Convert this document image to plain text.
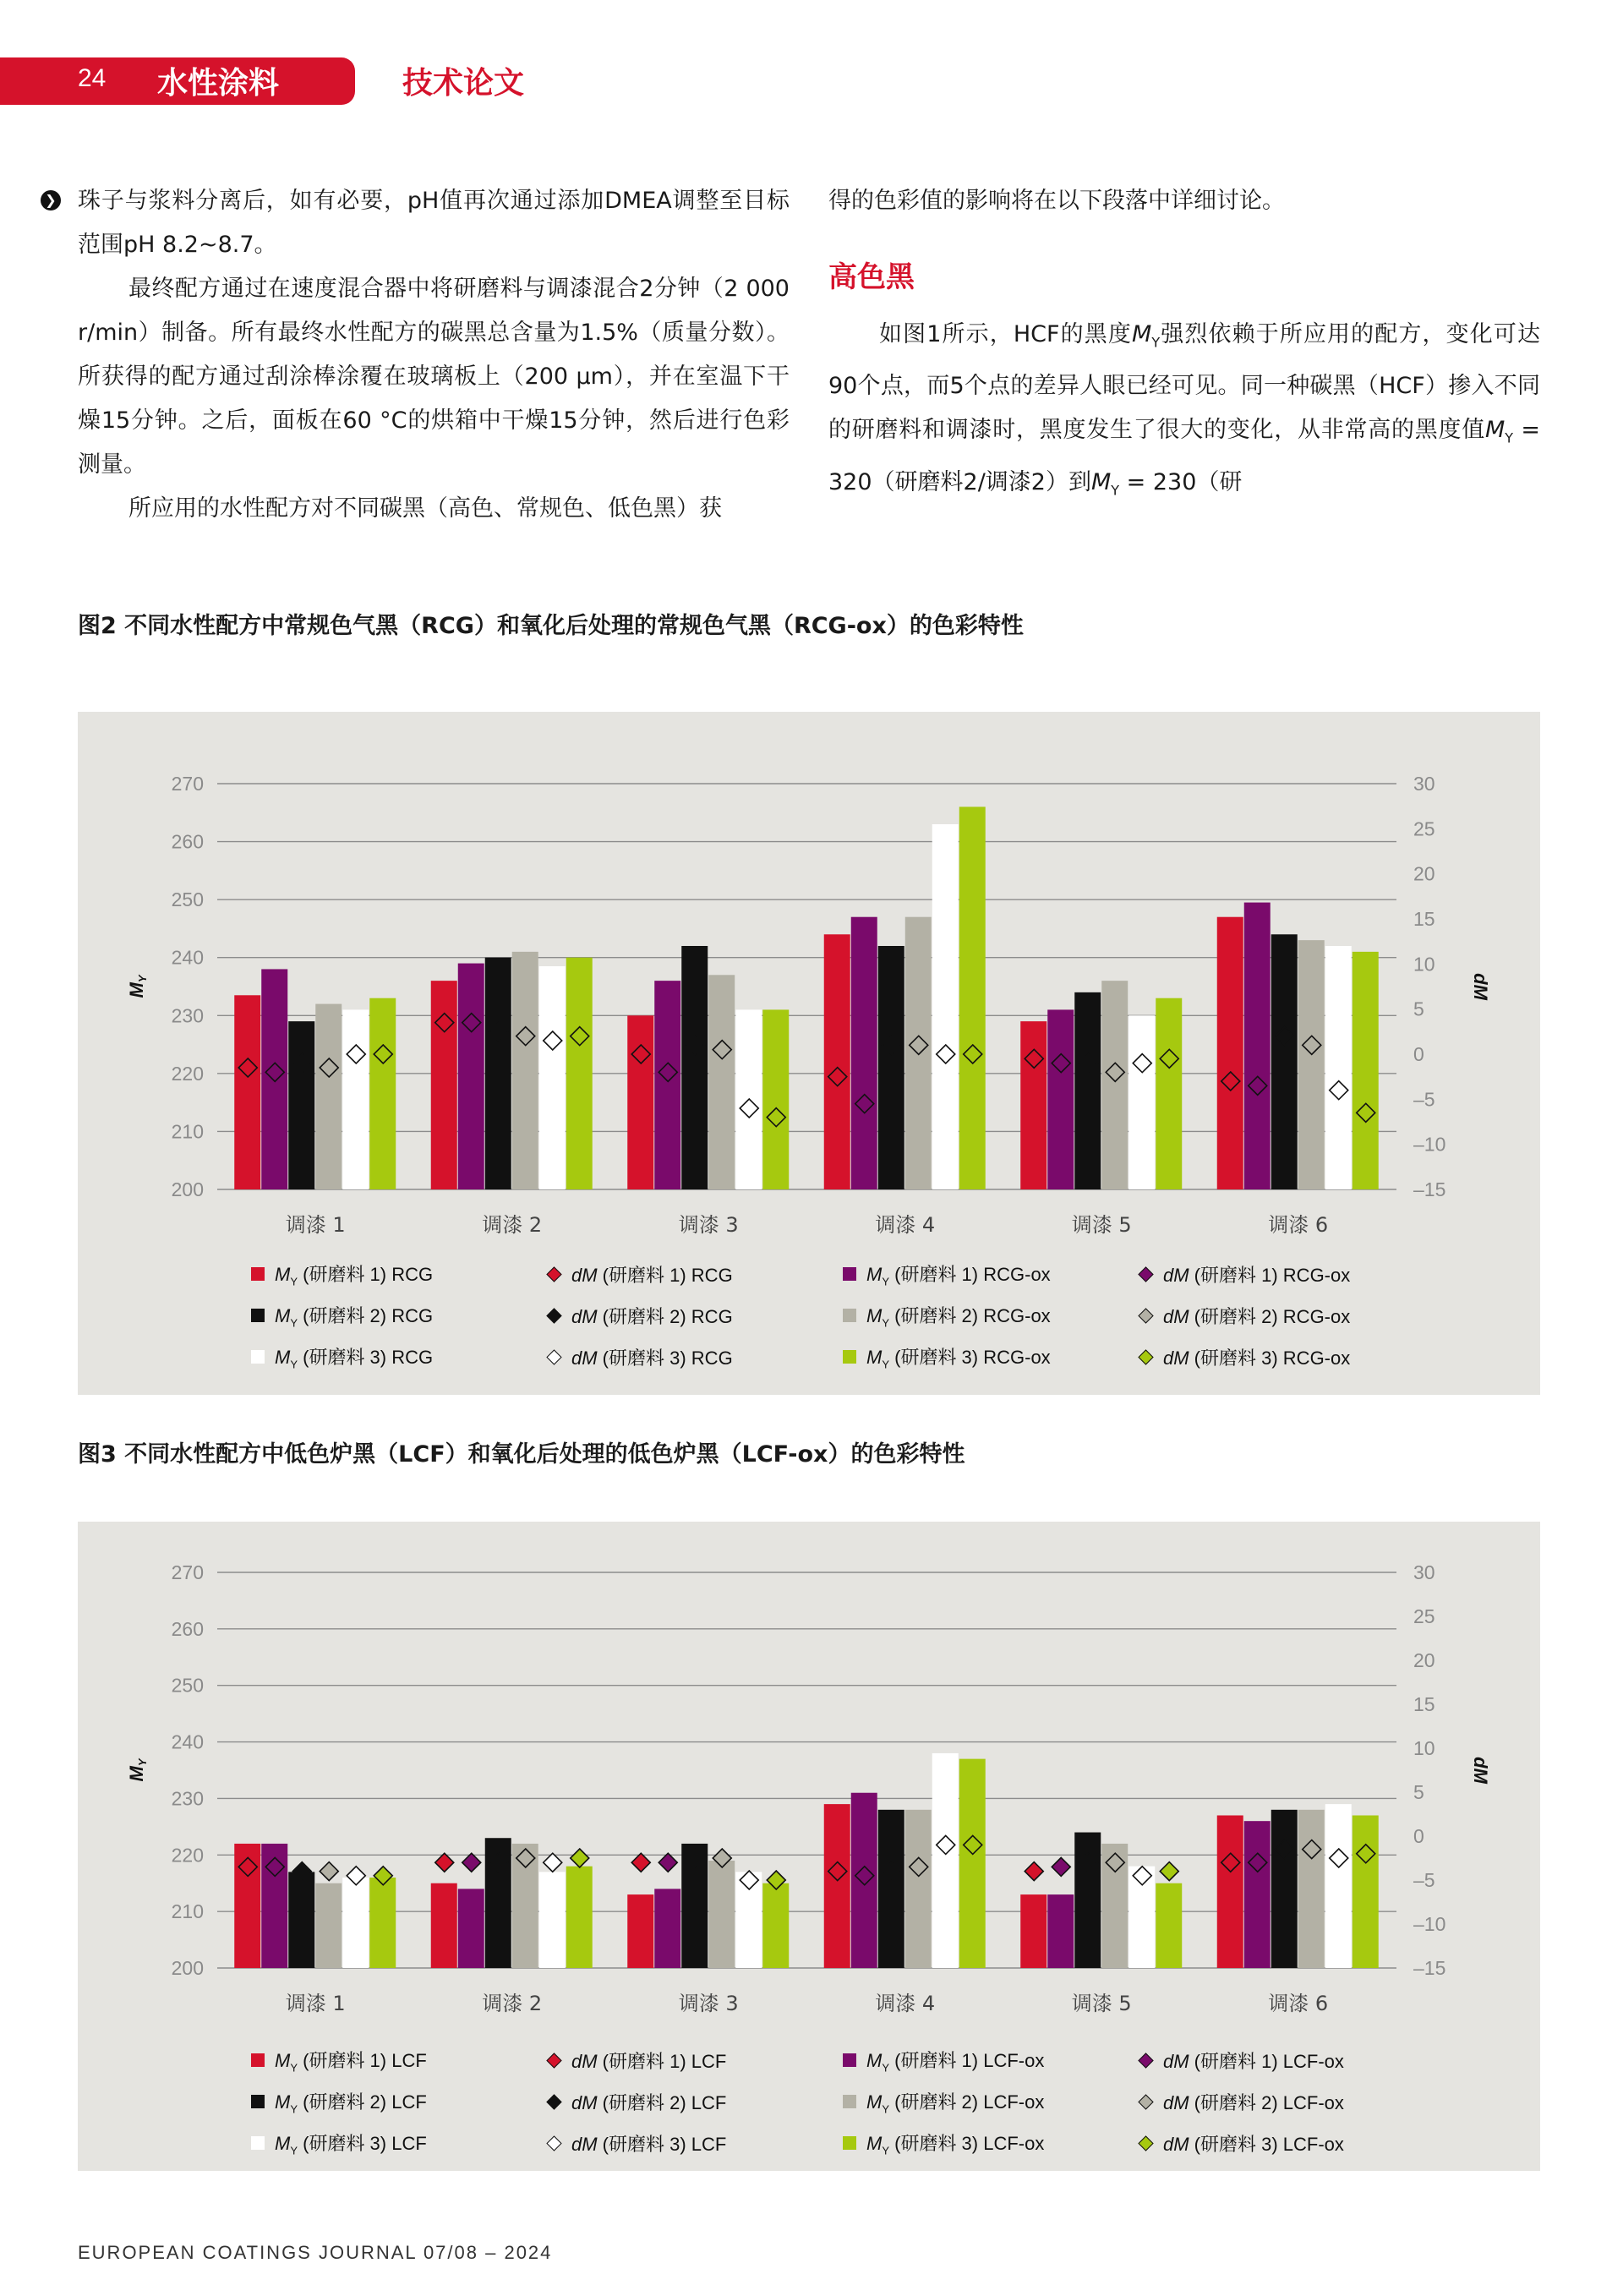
24 水性涂料	技术论文
❯ 珠子与浆料分离后，如有必要，pH值再次通过添加DMEA调整至目标范围pH 8.2~8.7。

最终配方通过在速度混合器中将研磨料与调漆混合2分钟（2 000 r/min）制备。所有最终水性配方的碳黑总含量为1.5%（质量分数）。所获得的配方通过刮涂棒涂覆在玻璃板上（200 μm），并在室温下干燥15分钟。之后，面板在60 °C的烘箱中干燥15分钟，然后进行色彩测量。

所应用的水性配方对不同碳黑（高色、常规色、低色黑）获

得的色彩值的影响将在以下段落中详细讨论。

高色黑

如图1所示，HCF的黑度$M_Y$强烈依赖于所应用的配方，变化可达90个点，而5个点的差异人眼已经可见。同一种碳黑（HCF）掺入不同的研磨料和调漆时，黑度发生了很大的变化，从非常高的黑度值$M_Y = 320$（研磨料2/调漆2）到$M_Y = 230$（研

图2 不同水性配方中常规色气黑（RCG）和氧化后处理的常规色气黑（RCG-ox）的色彩特性
200
210
220
230
240
250
260
270
–15
–10
–5
0
5
10
15
20
25
30
MY	dM
调漆 1	调漆 2	调漆 3	调漆 4	调漆 5	调漆 6
$M_Y$ (研磨料 1) RCG	dM (研磨料 1) RCG	$M_Y$ (研磨料 1) RCG-ox	dM (研磨料 1) RCG-ox
$M_Y$ (研磨料 2) RCG	dM (研磨料 2) RCG	$M_Y$ (研磨料 2) RCG-ox	dM (研磨料 2) RCG-ox
$M_Y$ (研磨料 3) RCG	dM (研磨料 3) RCG	$M_Y$ (研磨料 3) RCG-ox	dM (研磨料 3) RCG-ox
图3 不同水性配方中低色炉黑（LCF）和氧化后处理的低色炉黑（LCF-ox）的色彩特性
200
210
220
230
240
250
260
270
–15
–10
–5
0
5
10
15
20
25
30
MY	dM
调漆 1	调漆 2	调漆 3	调漆 4	调漆 5	调漆 6
$M_Y$ (研磨料 1) LCF	dM (研磨料 1) LCF	$M_Y$ (研磨料 1) LCF-ox	dM (研磨料 1) LCF-ox
$M_Y$ (研磨料 2) LCF	dM (研磨料 2) LCF	$M_Y$ (研磨料 2) LCF-ox	dM (研磨料 2) LCF-ox
$M_Y$ (研磨料 3) LCF	dM (研磨料 3) LCF	$M_Y$ (研磨料 3) LCF-ox	dM (研磨料 3) LCF-ox
EUROPEAN COATINGS JOURNAL 07/08 – 2024
